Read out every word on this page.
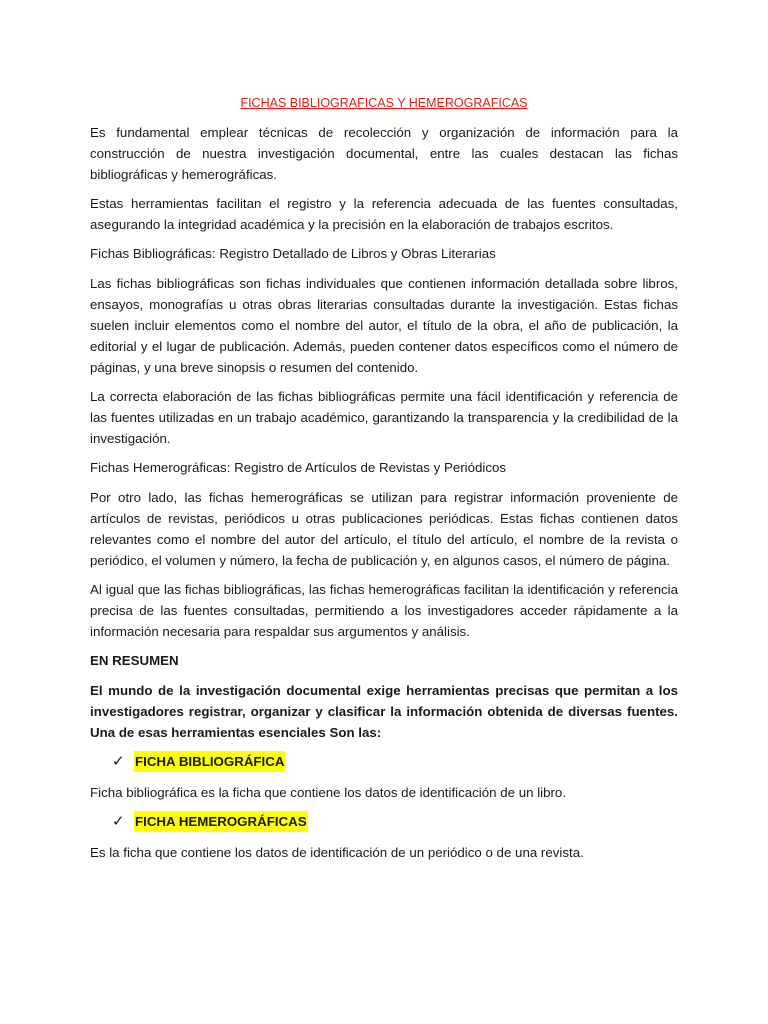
FICHAS BIBLIOGRAFICAS Y HEMEROGRAFICAS

Es fundamental emplear técnicas de recolección y organización de información para la construcción de nuestra investigación documental, entre las cuales destacan las fichas bibliográficas y hemerográficas.

Estas herramientas facilitan el registro y la referencia adecuada de las fuentes consultadas, asegurando la integridad académica y la precisión en la elaboración de trabajos escritos.

Fichas Bibliográficas: Registro Detallado de Libros y Obras Literarias

Las fichas bibliográficas son fichas individuales que contienen información detallada sobre libros, ensayos, monografías u otras obras literarias consultadas durante la investigación. Estas fichas suelen incluir elementos como el nombre del autor, el título de la obra, el año de publicación, la editorial y el lugar de publicación. Además, pueden contener datos específicos como el número de páginas, y una breve sinopsis o resumen del contenido.

La correcta elaboración de las fichas bibliográficas permite una fácil identificación y referencia de las fuentes utilizadas en un trabajo académico, garantizando la transparencia y la credibilidad de la investigación.

Fichas Hemerográficas: Registro de Artículos de Revistas y Periódicos

Por otro lado, las fichas hemerográficas se utilizan para registrar información proveniente de artículos de revistas, periódicos u otras publicaciones periódicas. Estas fichas contienen datos relevantes como el nombre del autor del artículo, el título del artículo, el nombre de la revista o periódico, el volumen y número, la fecha de publicación y, en algunos casos, el número de página.

Al igual que las fichas bibliográficas, las fichas hemerográficas facilitan la identificación y referencia precisa de las fuentes consultadas, permitiendo a los investigadores acceder rápidamente a la información necesaria para respaldar sus argumentos y análisis.

EN RESUMEN

El mundo de la investigación documental exige herramientas precisas que permitan a los investigadores registrar, organizar y clasificar la información obtenida de diversas fuentes. Una de esas herramientas esenciales Son las:

✓ FICHA BIBLIOGRÁFICA

Ficha bibliográfica es la ficha que contiene los datos de identificación de un libro.

✓ FICHA HEMEROGRÁFICAS

Es la ficha que contiene los datos de identificación de un periódico o de una revista.
